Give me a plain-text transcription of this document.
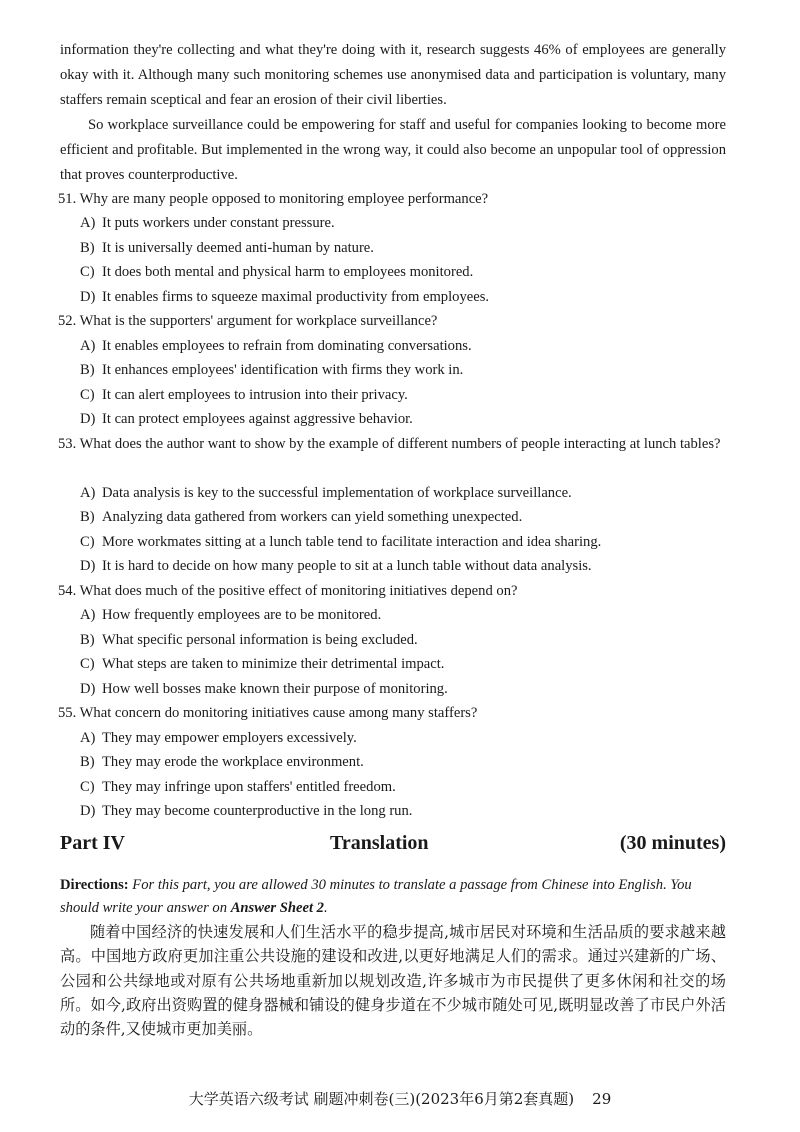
information they're collecting and what they're doing with it, research suggests 46% of employees are generally okay with it. Although many such monitoring schemes use anonymised data and participation is voluntary, many staffers remain sceptical and fear an erosion of their civil liberties.

So workplace surveillance could be empowering for staff and useful for companies looking to become more efficient and profitable. But implemented in the wrong way, it could also become an unpopular tool of oppression that proves counterproductive.

51. Why are many people opposed to monitoring employee performance?

A) It puts workers under constant pressure.

B) It is universally deemed anti-human by nature.

C) It does both mental and physical harm to employees monitored.

D) It enables firms to squeeze maximal productivity from employees.

52. What is the supporters' argument for workplace surveillance?

A) It enables employees to refrain from dominating conversations.

B) It enhances employees' identification with firms they work in.

C) It can alert employees to intrusion into their privacy.

D) It can protect employees against aggressive behavior.

53. What does the author want to show by the example of different numbers of people interacting at lunch tables?

A) Data analysis is key to the successful implementation of workplace surveillance.

B) Analyzing data gathered from workers can yield something unexpected.

C) More workmates sitting at a lunch table tend to facilitate interaction and idea sharing.

D) It is hard to decide on how many people to sit at a lunch table without data analysis.

54. What does much of the positive effect of monitoring initiatives depend on?

A) How frequently employees are to be monitored.

B) What specific personal information is being excluded.

C) What steps are taken to minimize their detrimental impact.

D) How well bosses make known their purpose of monitoring.

55. What concern do monitoring initiatives cause among many staffers?

A) They may empower employers excessively.

B) They may erode the workplace environment.

C) They may infringe upon staffers' entitled freedom.

D) They may become counterproductive in the long run.

Part IV	Translation	(30 minutes)

Directions: For this part, you are allowed 30 minutes to translate a passage from Chinese into English. You should write your answer on Answer Sheet 2.

随着中国经济的快速发展和人们生活水平的稳步提高,城市居民对环境和生活品质的要求越来越高。中国地方政府更加注重公共设施的建设和改进,以更好地满足人们的需求。通过兴建新的广场、公园和公共绿地或对原有公共场地重新加以规划改造,许多城市为市民提供了更多休闲和社交的场所。如今,政府出资购置的健身器械和铺设的健身步道在不少城市随处可见,既明显改善了市民户外活动的条件,又使城市更加美丽。

大学英语六级考试 刷题冲刺卷(三)(2023年6月第2套真题) 29
